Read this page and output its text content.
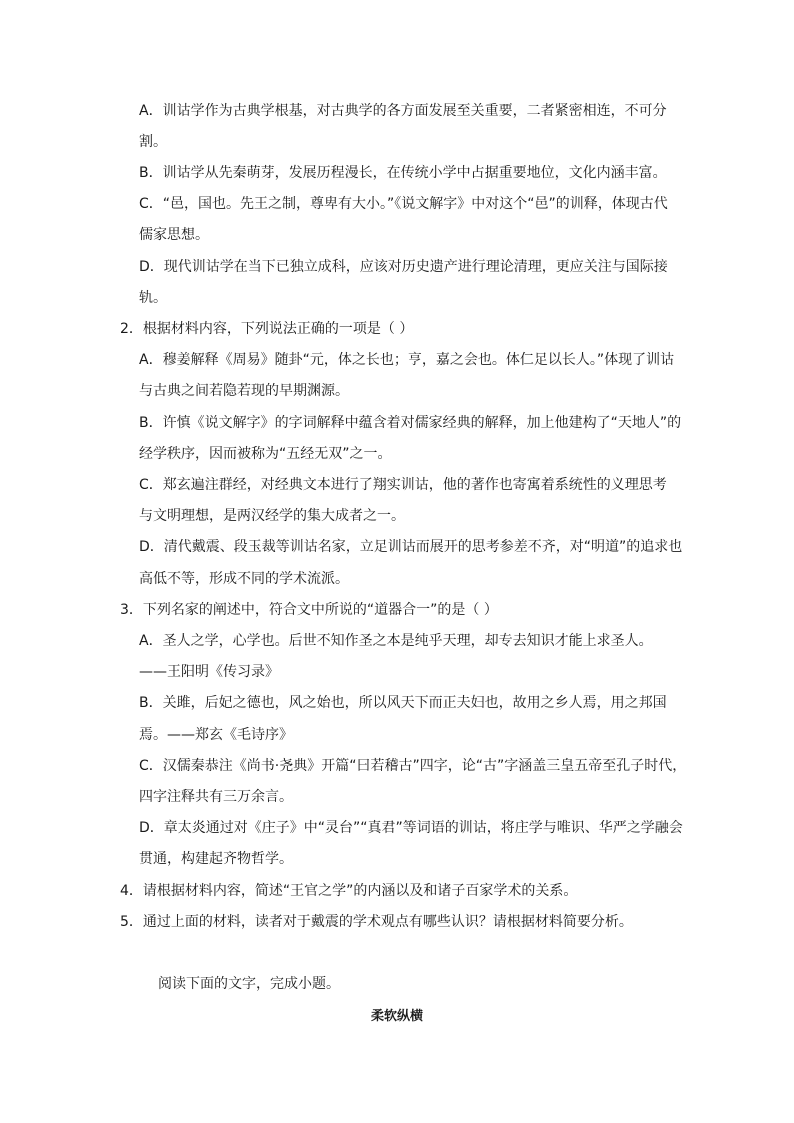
A．训诂学作为古典学根基，对古典学的各方面发展至关重要，二者紧密相连，不可分
割。
B．训诂学从先秦萌芽，发展历程漫长，在传统小学中占据重要地位，文化内涵丰富。
C．“邑，国也。先王之制，尊卑有大小。”《说文解字》中对这个“邑”的训释，体现古代
儒家思想。
D．现代训诂学在当下已独立成科，应该对历史遗产进行理论清理，更应关注与国际接
轨。
2．根据材料内容，下列说法正确的一项是（ ）
A．穆姜解释《周易》随卦“元，体之长也；亨，嘉之会也。体仁足以长人。”体现了训诂
与古典之间若隐若现的早期渊源。
B．许慎《说文解字》的字词解释中蕴含着对儒家经典的解释，加上他建构了“天地人”的
经学秩序，因而被称为“五经无双”之一。
C．郑玄遍注群经，对经典文本进行了翔实训诂，他的著作也寄寓着系统性的义理思考
与文明理想，是两汉经学的集大成者之一。
D．清代戴震、段玉裁等训诂名家，立足训诂而展开的思考参差不齐，对“明道”的追求也
高低不等，形成不同的学术流派。
3．下列名家的阐述中，符合文中所说的“道器合一”的是（ ）
A．圣人之学，心学也。后世不知作圣之本是纯乎天理，却专去知识才能上求圣人。
——王阳明《传习录》
B．关雎，后妃之德也，风之始也，所以风天下而正夫妇也，故用之乡人焉，用之邦国
焉。——郑玄《毛诗序》
C．汉儒秦恭注《尚书·尧典》开篇“曰若稽古”四字，论“古”字涵盖三皇五帝至孔子时代，
四字注释共有三万余言。
D．章太炎通过对《庄子》中“灵台”“真君”等词语的训诂，将庄学与唯识、华严之学融会
贯通，构建起齐物哲学。
4．请根据材料内容，简述“王官之学”的内涵以及和诸子百家学术的关系。
5．通过上面的材料，读者对于戴震的学术观点有哪些认识？请根据材料简要分析。
阅读下面的文字，完成小题。
柔软纵横
